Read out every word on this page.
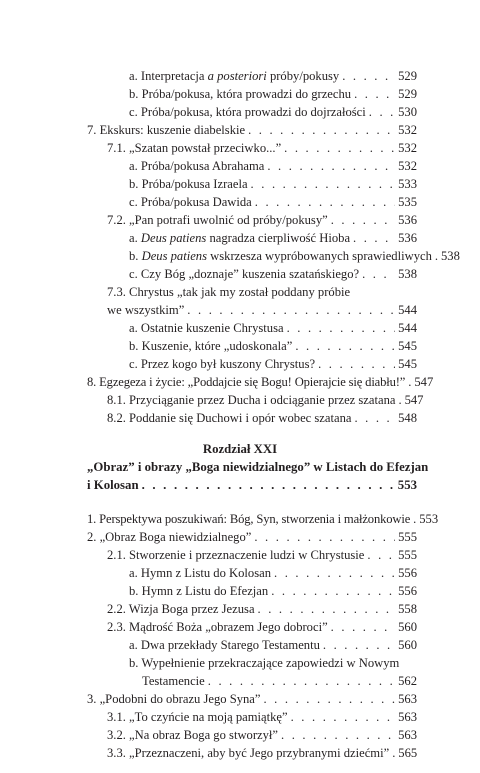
a. Interpretacja a posteriori próby/pokusy . . .	529
b. Próba/pokusa, która prowadzi do grzechu . . .	529
c. Próba/pokusa, która prowadzi do dojrzałości . . .	530
7. Ekskurs: kuszenie diabelskie . . .	532
7.1. „Szatan powstał przeciwko...” . . .	532
a. Próba/pokusa Abrahama . . .	532
b. Próba/pokusa Izraela . . .	533
c. Próba/pokusa Dawida . . .	535
7.2. „Pan potrafi uwolnić od próby/pokusy” . . .	536
a. Deus patiens nagradza cierpliwość Hioba . . .	536
b. Deus patiens wskrzesza wypróbowanych sprawiedliwych . . . 538
c. Czy Bóg „doznaje” kuszenia szatańskiego? . . .	538
7.3. Chrystus „tak jak my został poddany próbie
we wszystkim” . . .	544
a. Ostatnie kuszenie Chrystusa . . .	544
b. Kuszenie, które „udoskonala” . . .	545
c. Przez kogo był kuszony Chrystus? . . .	545
8. Egzegeza i życie: „Poddajcie się Bogu! Opierajcie się diabłu!” . . . 547
8.1. Przyciąganie przez Ducha i odciąganie przez szatana . . . 547
8.2. Poddanie się Duchowi i opór wobec szatana . . .	548
Rozdział XXI
„Obraz” i obrazy „Boga niewidzialnego” w Listach do Efezjan
i Kolosan . . .	553
1. Perspektywa poszukiwań: Bóg, Syn, stworzenia i małżonkowie . . . 553
2. „Obraz Boga niewidzialnego” . . .	555
2.1. Stworzenie i przeznaczenie ludzi w Chrystusie . . .	555
a. Hymn z Listu do Kolosan . . .	556
b. Hymn z Listu do Efezjan . . .	556
2.2. Wizja Boga przez Jezusa . . .	558
2.3. Mądrość Boża „obrazem Jego dobroci” . . .	560
a. Dwa przekłady Starego Testamentu . . .	560
b. Wypełnienie przekraczające zapowiedzi w Nowym
Testamencie . . .	562
3. „Podobni do obrazu Jego Syna” . . .	563
3.1. „To czyńcie na moją pamiątkę” . . .	563
3.2. „Na obraz Boga go stworzył” . . .	563
3.3. „Przeznaczeni, aby być Jego przybranymi dziećmi” . . . 565
